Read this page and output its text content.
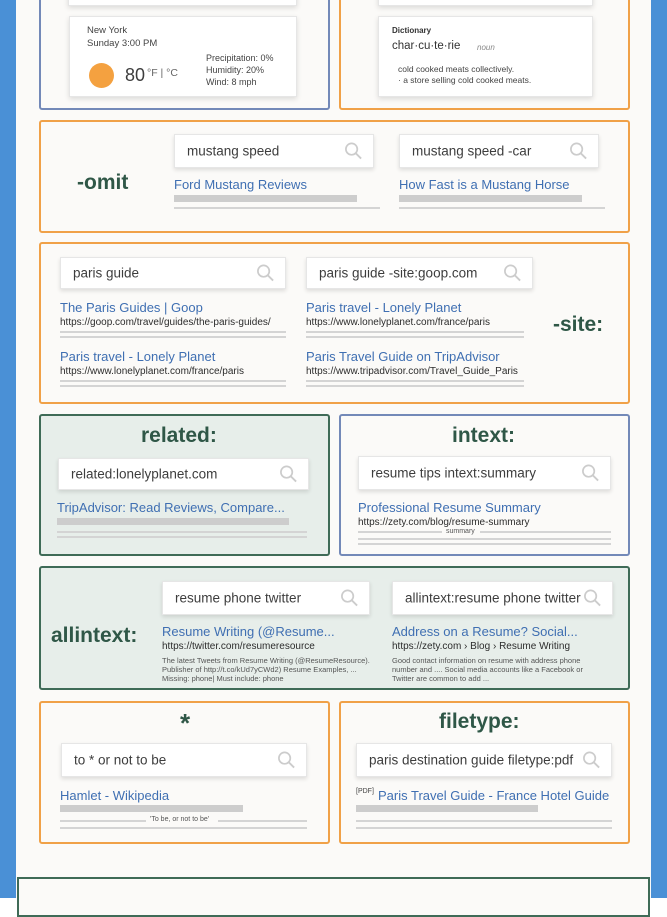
New York
Sunday 3:00 PM
80 °F | °C
Precipitation: 0%
Humidity: 20%
Wind: 8 mph
Dictionary
char·cu·te·rie noun
cold cooked meats collectively.
· a store selling cold cooked meats.
-omit
mustang speed
Ford Mustang Reviews
mustang speed -car
How Fast is a Mustang Horse
-site:
paris guide
The Paris Guides | Goop
https://goop.com/travel/guides/the-paris-guides/
Paris travel - Lonely Planet
https://www.lonelyplanet.com/france/paris
paris guide -site:goop.com
Paris travel - Lonely Planet
https://www.lonelyplanet.com/france/paris
Paris Travel Guide on TripAdvisor
https://www.tripadvisor.com/Travel_Guide_Paris
related:
related:lonelyplanet.com
TripAdvisor: Read Reviews, Compare...
intext:
resume tips intext:summary
Professional Resume Summary
https://zety.com/blog/resume-summary
summary
allintext:
resume phone twitter
Resume Writing (@Resume...
https://twitter.com/resumeresource
The latest Tweets from Resume Writing (@ResumeResource).
Publisher of http://t.co/kUd7yCWd2) Resume Examples, ...
Missing: phone| Must include: phone
allintext:resume phone twitter
Address on a Resume? Social...
https://zety.com › Blog › Resume Writing
Good contact information on resume with address phone
number and .... Social media accounts like a Facebook or
Twitter are common to add ...
*
to * or not to be
Hamlet - Wikipedia
'To be, or not to be'
filetype:
paris destination guide filetype:pdf
[PDF] Paris Travel Guide - France Hotel Guide
